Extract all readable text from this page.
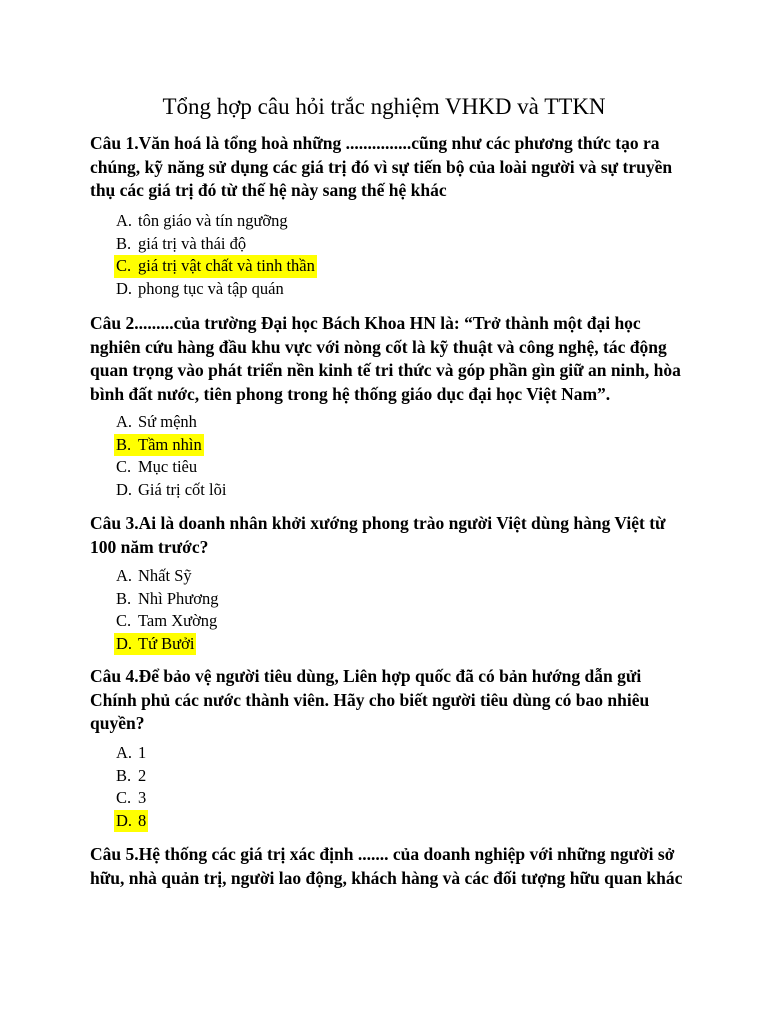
Tổng hợp câu hỏi trắc nghiệm VHKD và TTKN

Câu 1.Văn hoá là tổng hoà những ...............cũng như các phương thức tạo ra chúng, kỹ năng sử dụng các giá trị đó vì sự tiến bộ của loài người và sự truyền thụ các giá trị đó từ thế hệ này sang thế hệ khác

A. tôn giáo và tín ngưỡng
B. giá trị và thái độ
C. giá trị vật chất và tinh thần
D. phong tục và tập quán

Câu 2.........của trường Đại học Bách Khoa HN là: “Trở thành một đại học nghiên cứu hàng đầu khu vực với nòng cốt là kỹ thuật và công nghệ, tác động quan trọng vào phát triển nền kinh tế tri thức và góp phần gìn giữ an ninh, hòa bình đất nước, tiên phong trong hệ thống giáo dục đại học Việt Nam”.

A. Sứ mệnh
B. Tầm nhìn
C. Mục tiêu
D. Giá trị cốt lõi

Câu 3.Ai là doanh nhân khởi xướng phong trào người Việt dùng hàng Việt từ 100 năm trước?

A. Nhất Sỹ
B. Nhì Phương
C. Tam Xường
D. Tứ Bưởi

Câu 4.Để bảo vệ người tiêu dùng, Liên hợp quốc đã có bản hướng dẫn gửi Chính phủ các nước thành viên. Hãy cho biết người tiêu dùng có bao nhiêu quyền?

A. 1
B. 2
C. 3
D. 8

Câu 5.Hệ thống các giá trị xác định ....... của doanh nghiệp với những người sở hữu, nhà quản trị, người lao động, khách hàng và các đối tượng hữu quan khác
